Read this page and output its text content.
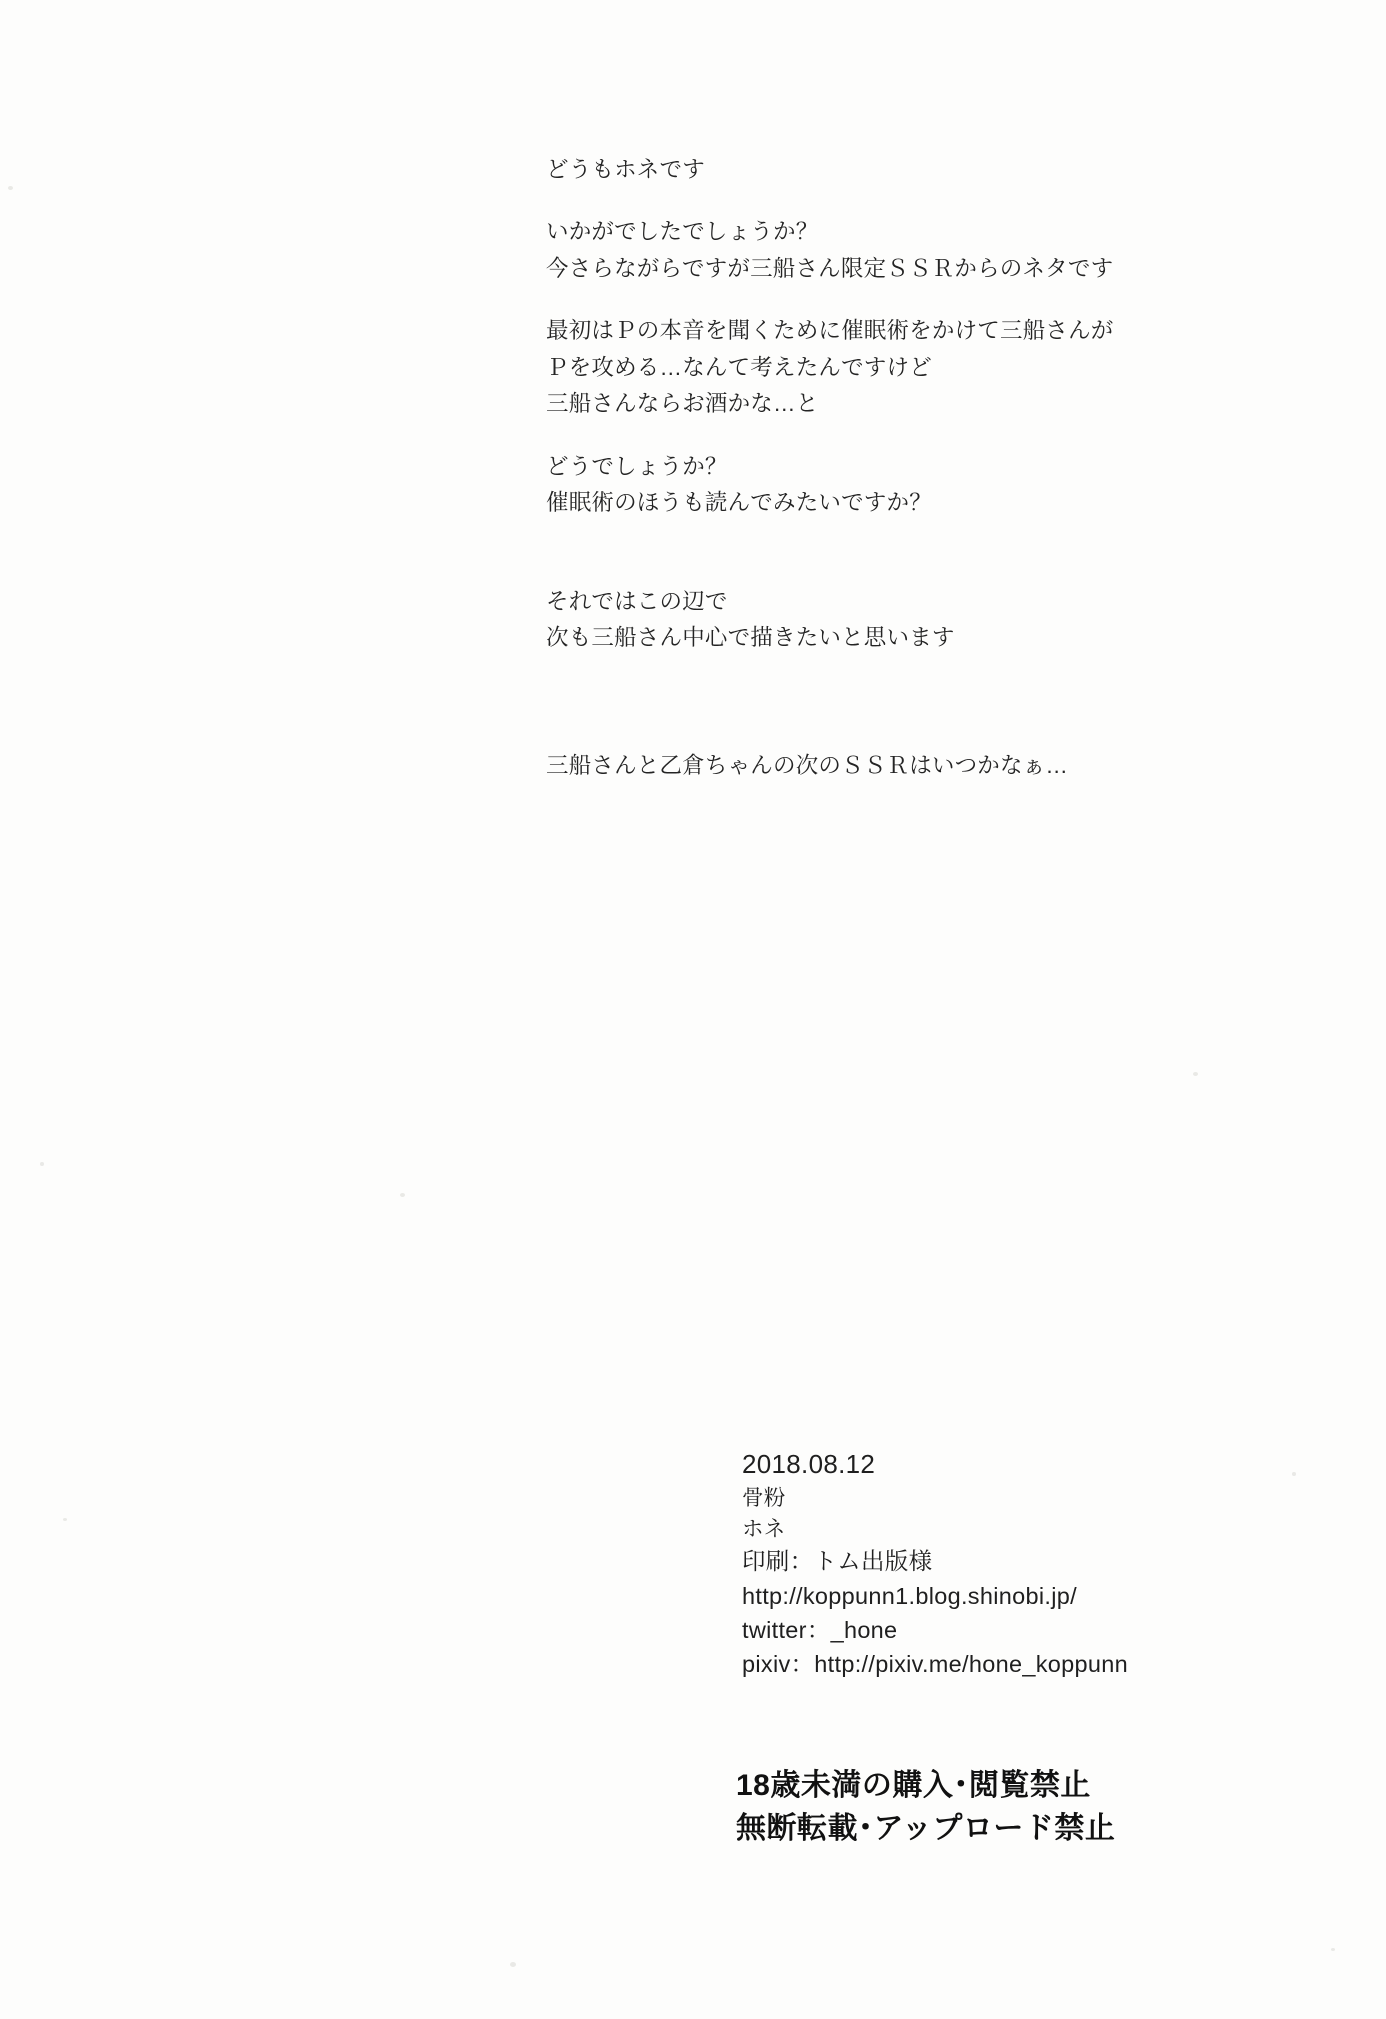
どうもホネです

いかがでしたでしょうか？
今さらながらですが三船さん限定ＳＳＲからのネタです

最初はＰの本音を聞くために催眠術をかけて三船さんが
Ｐを攻める…なんて考えたんですけど
三船さんならお酒かな…と

どうでしょうか？
催眠術のほうも読んでみたいですか？

それではこの辺で
次も三船さん中心で描きたいと思います

三船さんと乙倉ちゃんの次のＳＳＲはいつかなぁ…

2018.08.12
骨粉
ホネ
印刷：トム出版様
http://koppunn1.blog.shinobi.jp/
twitter：_hone
pixiv：http://pixiv.me/hone_koppunn
18歳未満の購入･閲覧禁止
無断転載･アップロード禁止
